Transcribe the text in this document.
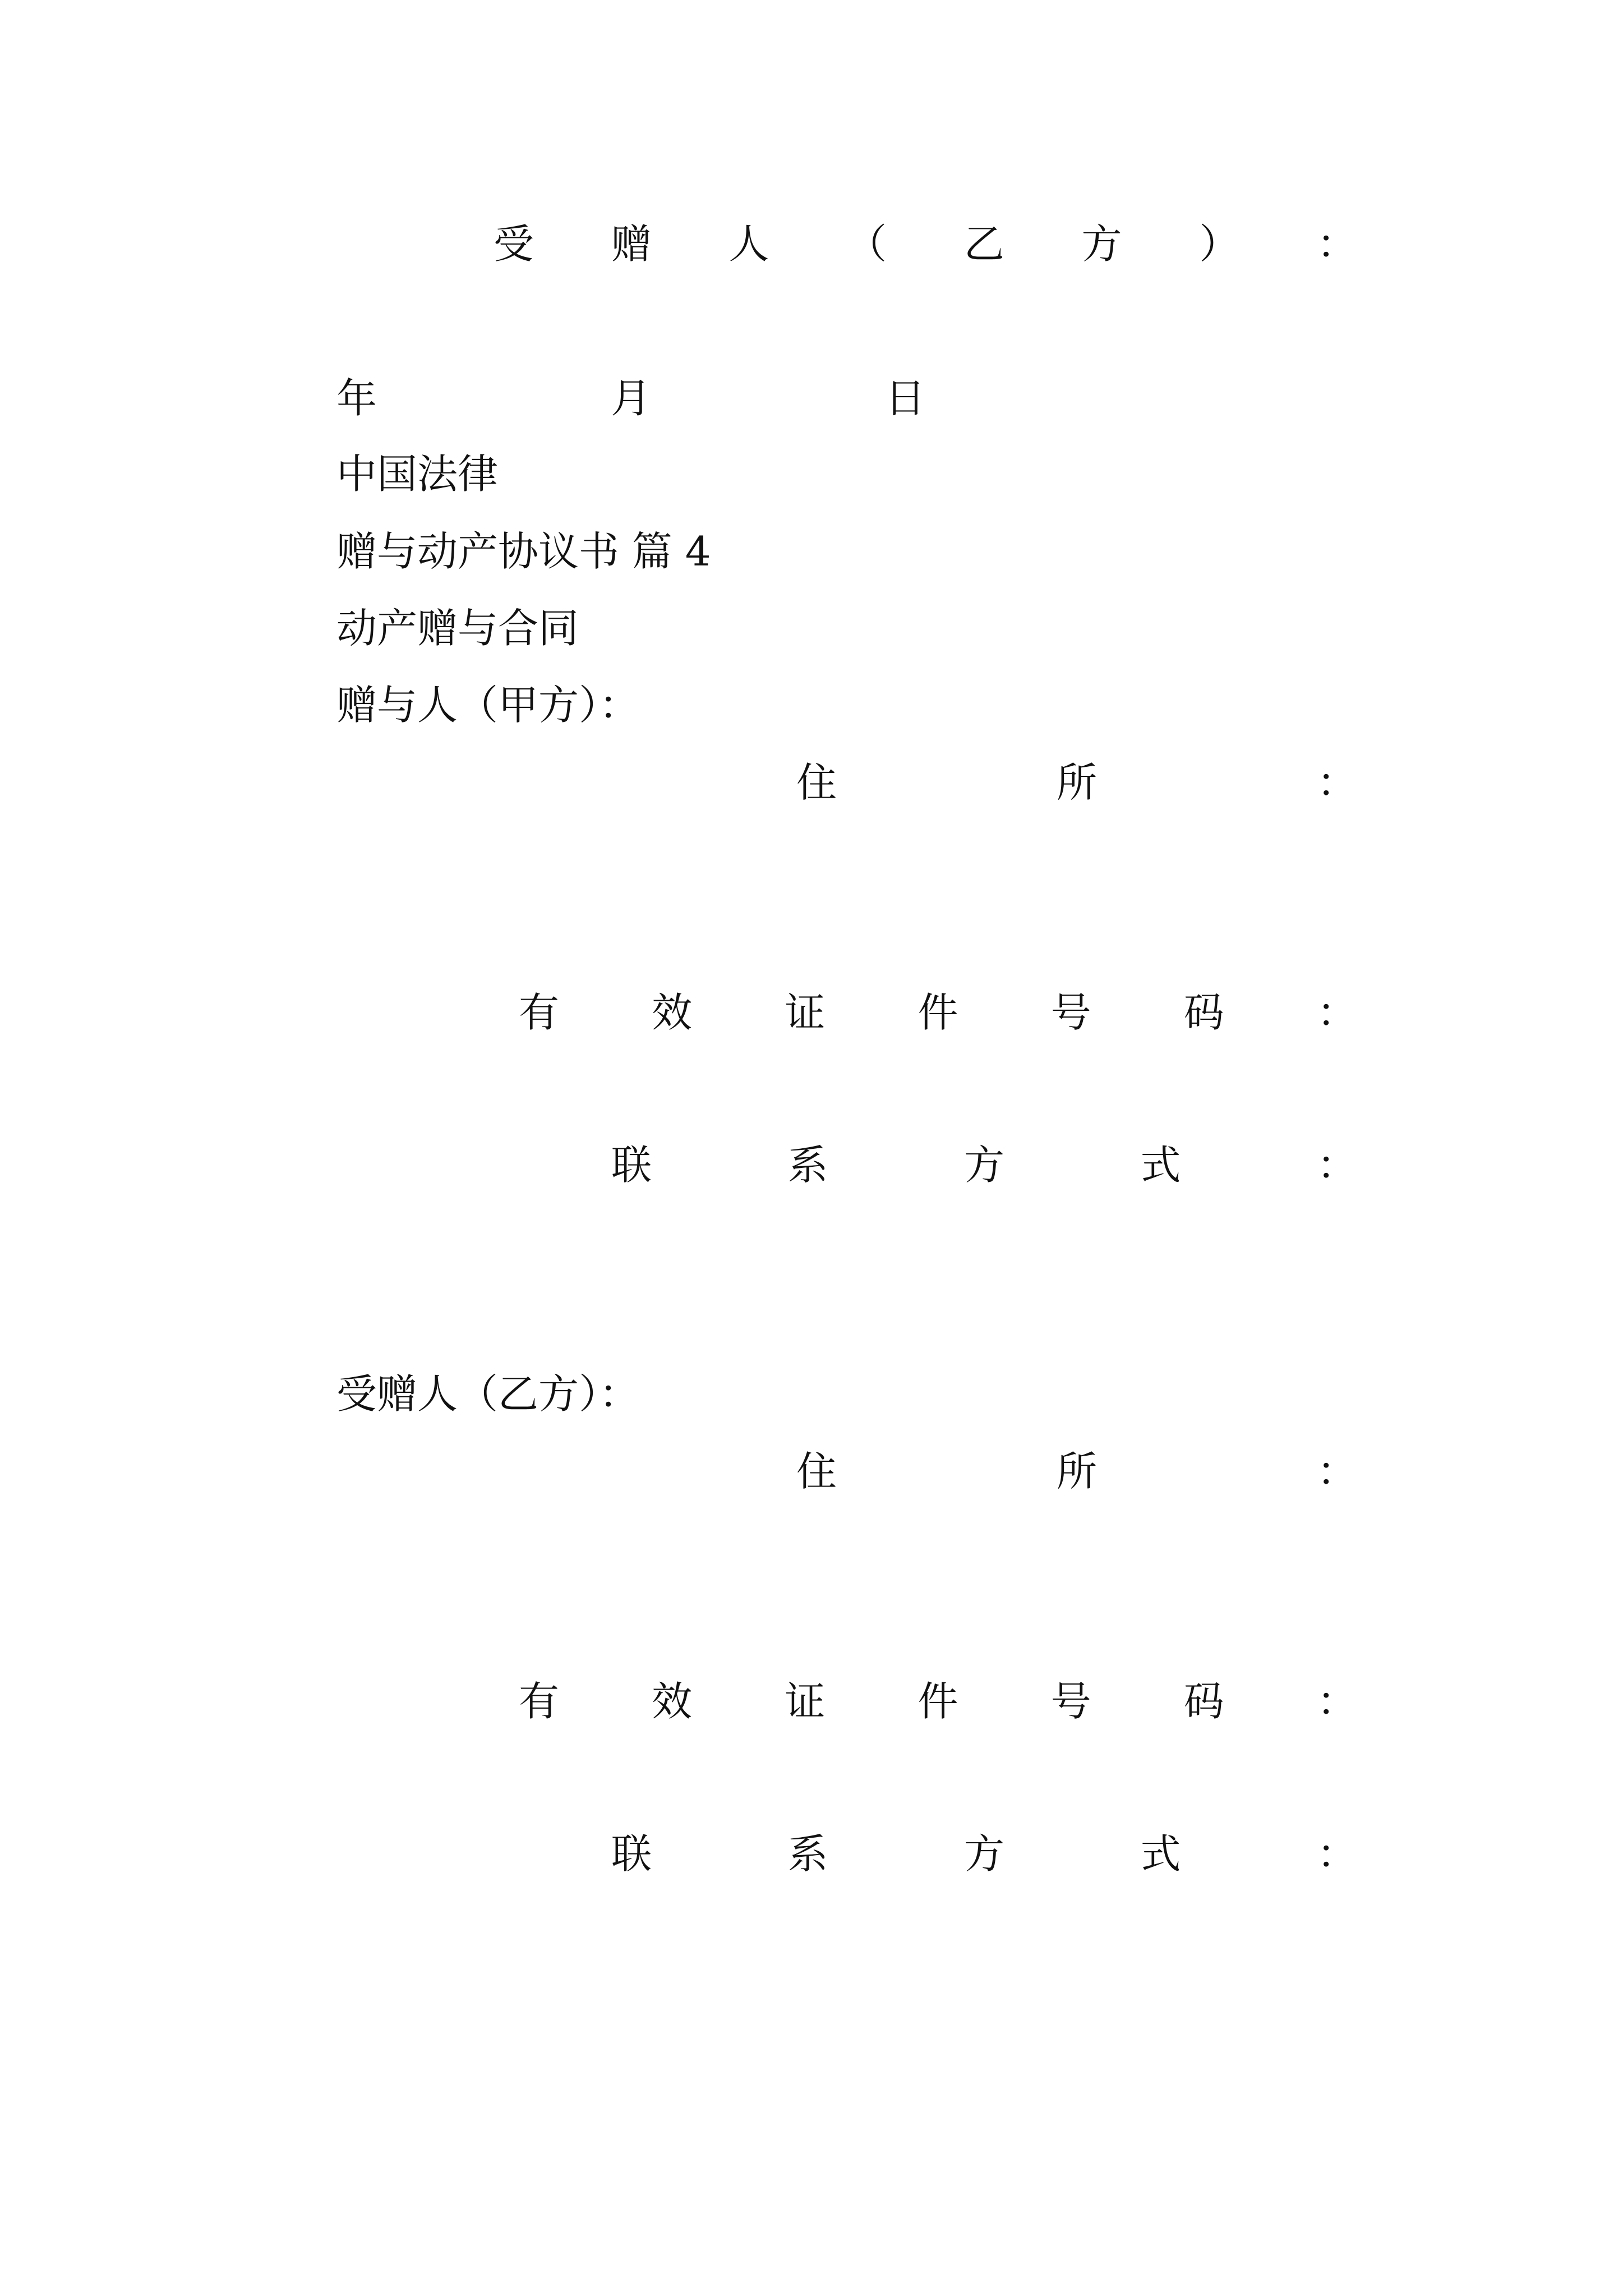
受 赠 人 （ 乙 方 ） ：
年	月	日
中国法律
赠与动产协议书 篇 4
动产赠与合同
赠与人（甲方）：
住	所	：
有 效 证 件 号 码 ：
联	系	方	式	：
受赠人（乙方）：
住	所	：
有 效 证 件 号 码 ：
联	系	方	式	：
